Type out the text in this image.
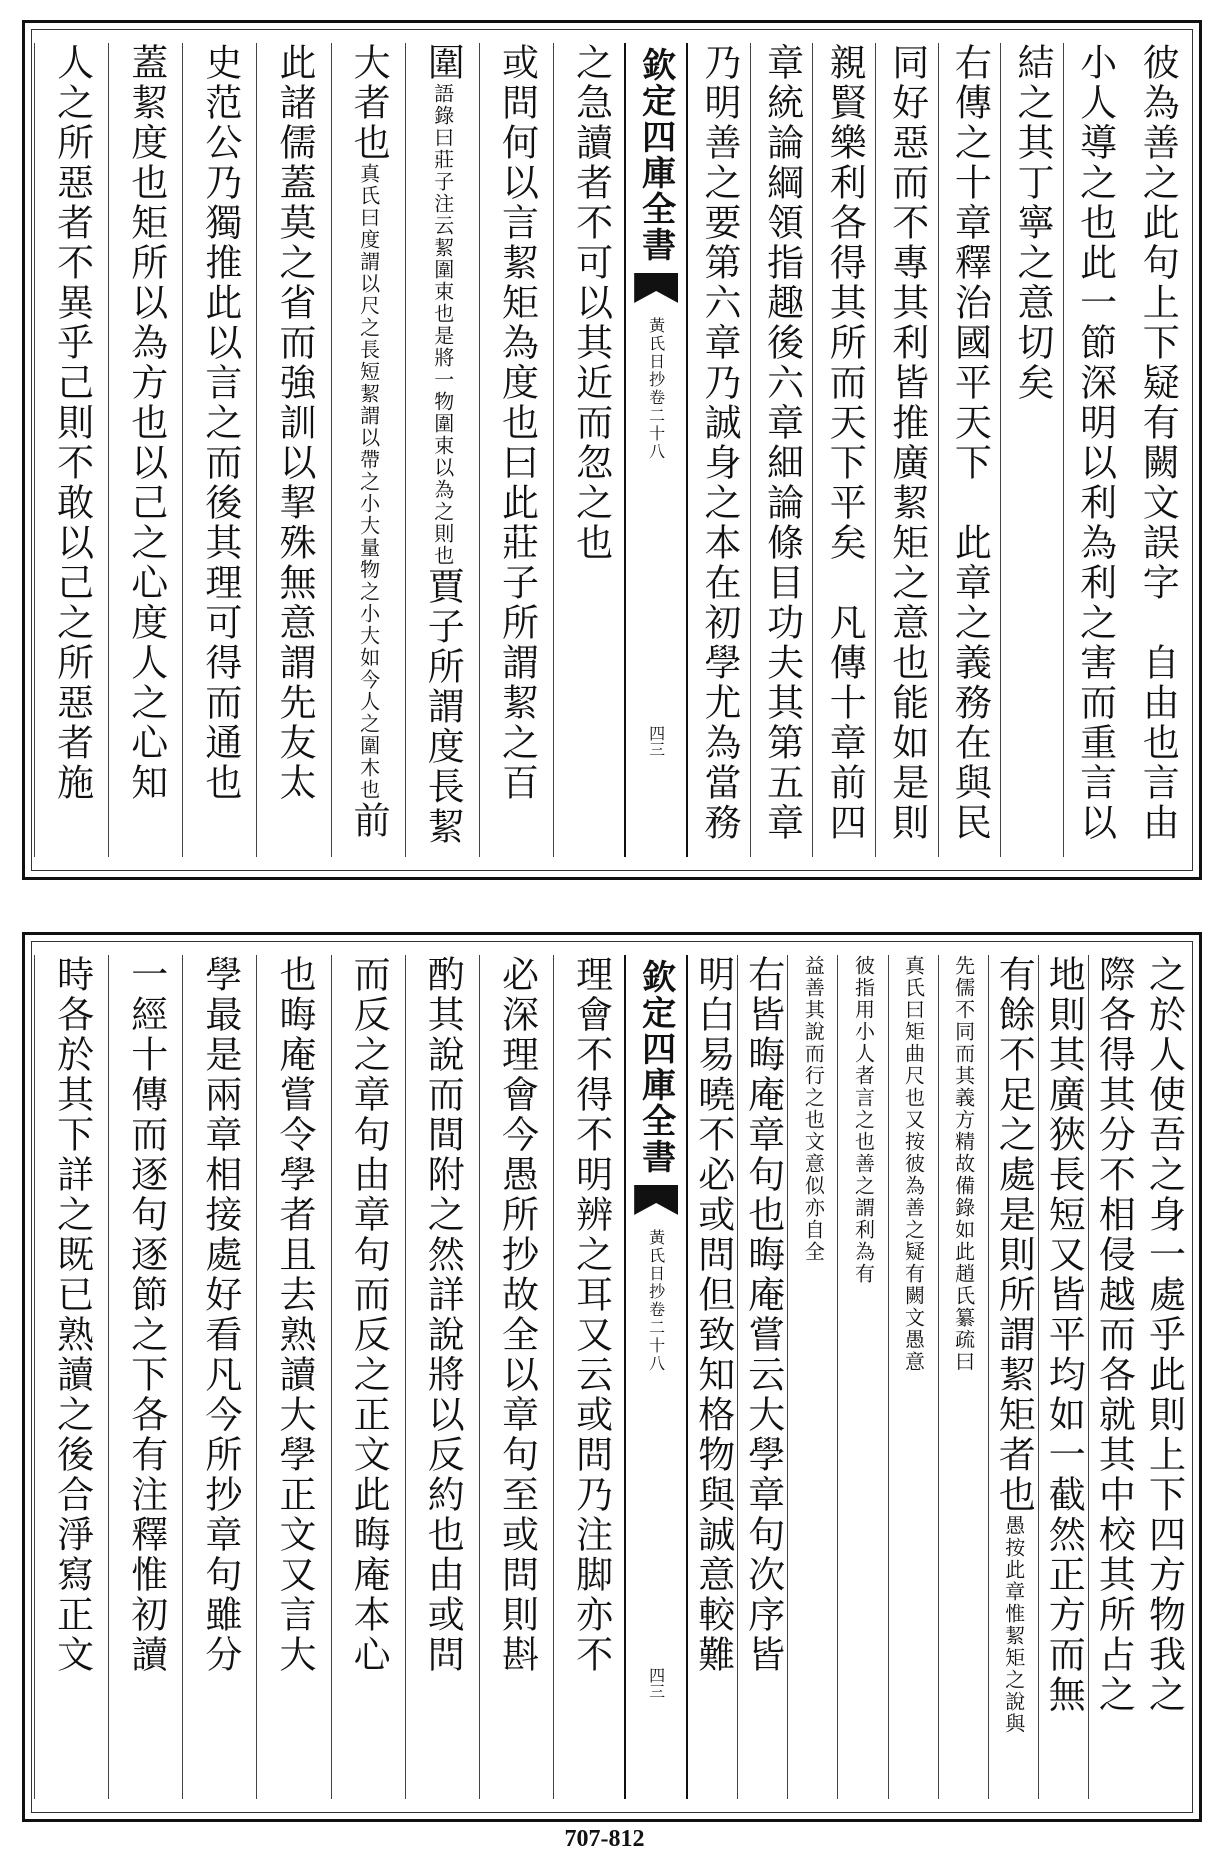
彼為善之此句上下疑有闕文誤字　自由也言由
小人導之也此一節深明以利為利之害而重言以
結之其丁寧之意切矣
右傳之十章釋治國平天下　此章之義務在與民
同好惡而不專其利皆推廣絜矩之意也能如是則
親賢樂利各得其所而天下平矣　凡傳十章前四
章統論綱領指趣後六章細論條目功夫其第五章
乃明善之要第六章乃誠身之本在初學尤為當務
之急讀者不可以其近而忽之也
或問何以言絜矩為度也曰此莊子所謂絜之百
圍
語錄曰莊子注云絜圍束也是將一物圍束以為之則也
賈子所謂度長絜
大者也
真氏曰度謂以尺之長短絜謂以帶之小大量物之小大如今人之圍木也
前
此諸儒蓋莫之省而強訓以挈殊無意謂先友太
史范公乃獨推此以言之而後其理可得而通也
蓋絜度也矩所以為方也以己之心度人之心知
人之所惡者不異乎己則不敢以己之所惡者施	欽定四庫全書
黃氏日抄卷二十八
四三
之於人使吾之身一處乎此則上下四方物我之
際各得其分不相侵越而各就其中校其所占之
地則其廣狹長短又皆平均如一截然正方而無
有餘不足之處是則所謂絜矩者也
愚按此章惟絜矩之說與
先儒不同而其義方精故備錄如此趙氏纂疏曰
真氏曰矩曲尺也又按彼為善之疑有闕文愚意
彼指用小人者言之也善之謂利為有
益善其說而行之也文意似亦自全
右皆晦庵章句也晦庵嘗云大學章句次序皆
明白易曉不必或問但致知格物與誠意較難
理會不得不明辨之耳又云或問乃注脚亦不
必深理會今愚所抄故全以章句至或問則斟
酌其說而間附之然詳說將以反約也由或問
而反之章句由章句而反之正文此晦庵本心
也晦庵嘗令學者且去熟讀大學正文又言大
學最是兩章相接處好看凡今所抄章句雖分
一經十傳而逐句逐節之下各有注釋惟初讀
時各於其下詳之既已熟讀之後合淨寫正文	欽定四庫全書
黃氏日抄卷二十八
四三
707-812
